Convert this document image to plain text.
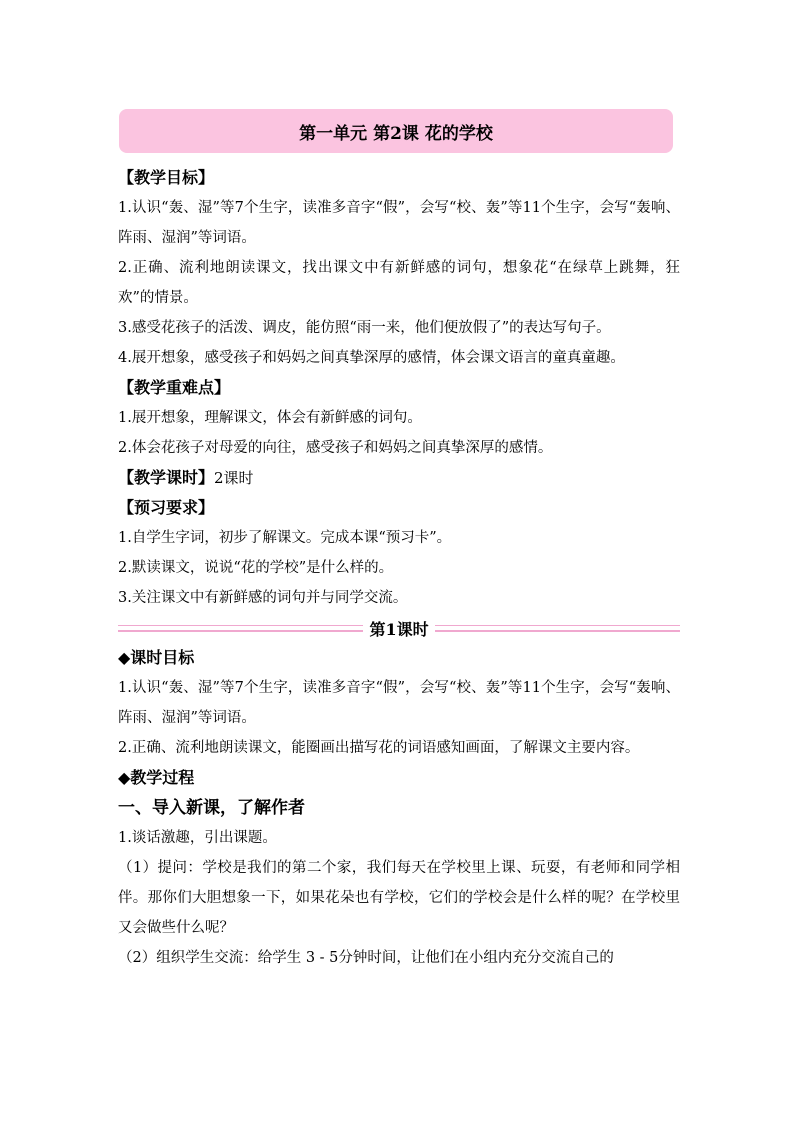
第一单元 第2课 花的学校
【教学目标】
1.认识“轰、湿”等7个生字，读准多音字“假”，会写“校、轰”等11个生字，会写“轰响、阵雨、湿润”等词语。
2.正确、流利地朗读课文，找出课文中有新鲜感的词句，想象花“在绿草上跳舞，狂欢”的情景。
3.感受花孩子的活泼、调皮，能仿照“雨一来，他们便放假了”的表达写句子。
4.展开想象，感受孩子和妈妈之间真挚深厚的感情，体会课文语言的童真童趣。
【教学重难点】
1.展开想象，理解课文，体会有新鲜感的词句。
2.体会花孩子对母爱的向往，感受孩子和妈妈之间真挚深厚的感情。
【教学课时】2课时
【预习要求】
1.自学生字词，初步了解课文。完成本课“预习卡”。
2.默读课文，说说“花的学校”是什么样的。
3.关注课文中有新鲜感的词句并与同学交流。
第1课时
◆课时目标
1.认识“轰、湿”等7个生字，读准多音字“假”，会写“校、轰”等11个生字，会写“轰响、阵雨、湿润”等词语。
2.正确、流利地朗读课文，能圈画出描写花的词语感知画面，了解课文主要内容。
◆教学过程
一、导入新课，了解作者
1.谈话激趣，引出课题。
（1）提问：学校是我们的第二个家，我们每天在学校里上课、玩耍，有老师和同学相伴。那你们大胆想象一下，如果花朵也有学校，它们的学校会是什么样的呢？在学校里又会做些什么呢？
（2）组织学生交流：给学生 3 - 5分钟时间，让他们在小组内充分交流自己的
